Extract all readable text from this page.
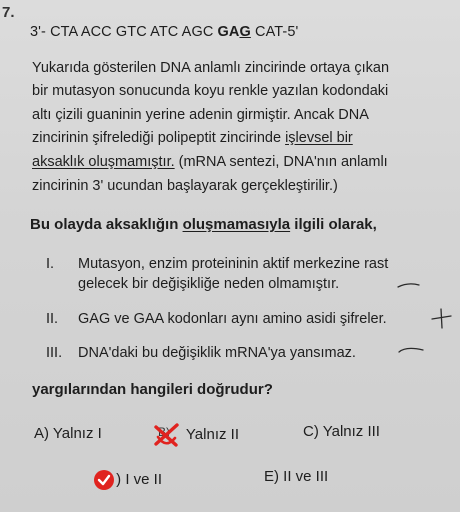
7.
3'- CTA ACC GTC ATC AGC GAG CAT-5'
Yukarıda gösterilen DNA anlamlı zincirinde ortaya çıkan
bir mutasyon sonucunda koyu renkle yazılan kodondaki
altı çizili guaninin yerine adenin girmiştir. Ancak DNA
zincirinin şifrelediği polipeptit zincirinde işlevsel bir
aksaklık oluşmamıştır. (mRNA sentezi, DNA'nın anlamlı
zincirinin 3' ucundan başlayarak gerçekleştirilir.)
Bu olayda aksaklığın oluşmamasıyla ilgili olarak,
I. Mutasyon, enzim proteininin aktif merkezine rast
gelecek bir değişikliğe neden olmamıştır.
II. GAG ve GAA kodonları aynı amino asidi şifreler.
III. DNA'daki bu değişiklik mRNA'ya yansımaz.
yargılarından hangileri doğrudur?
A) Yalnız I	B) Yalnız II	C) Yalnız III
) I ve II	E) II ve III
